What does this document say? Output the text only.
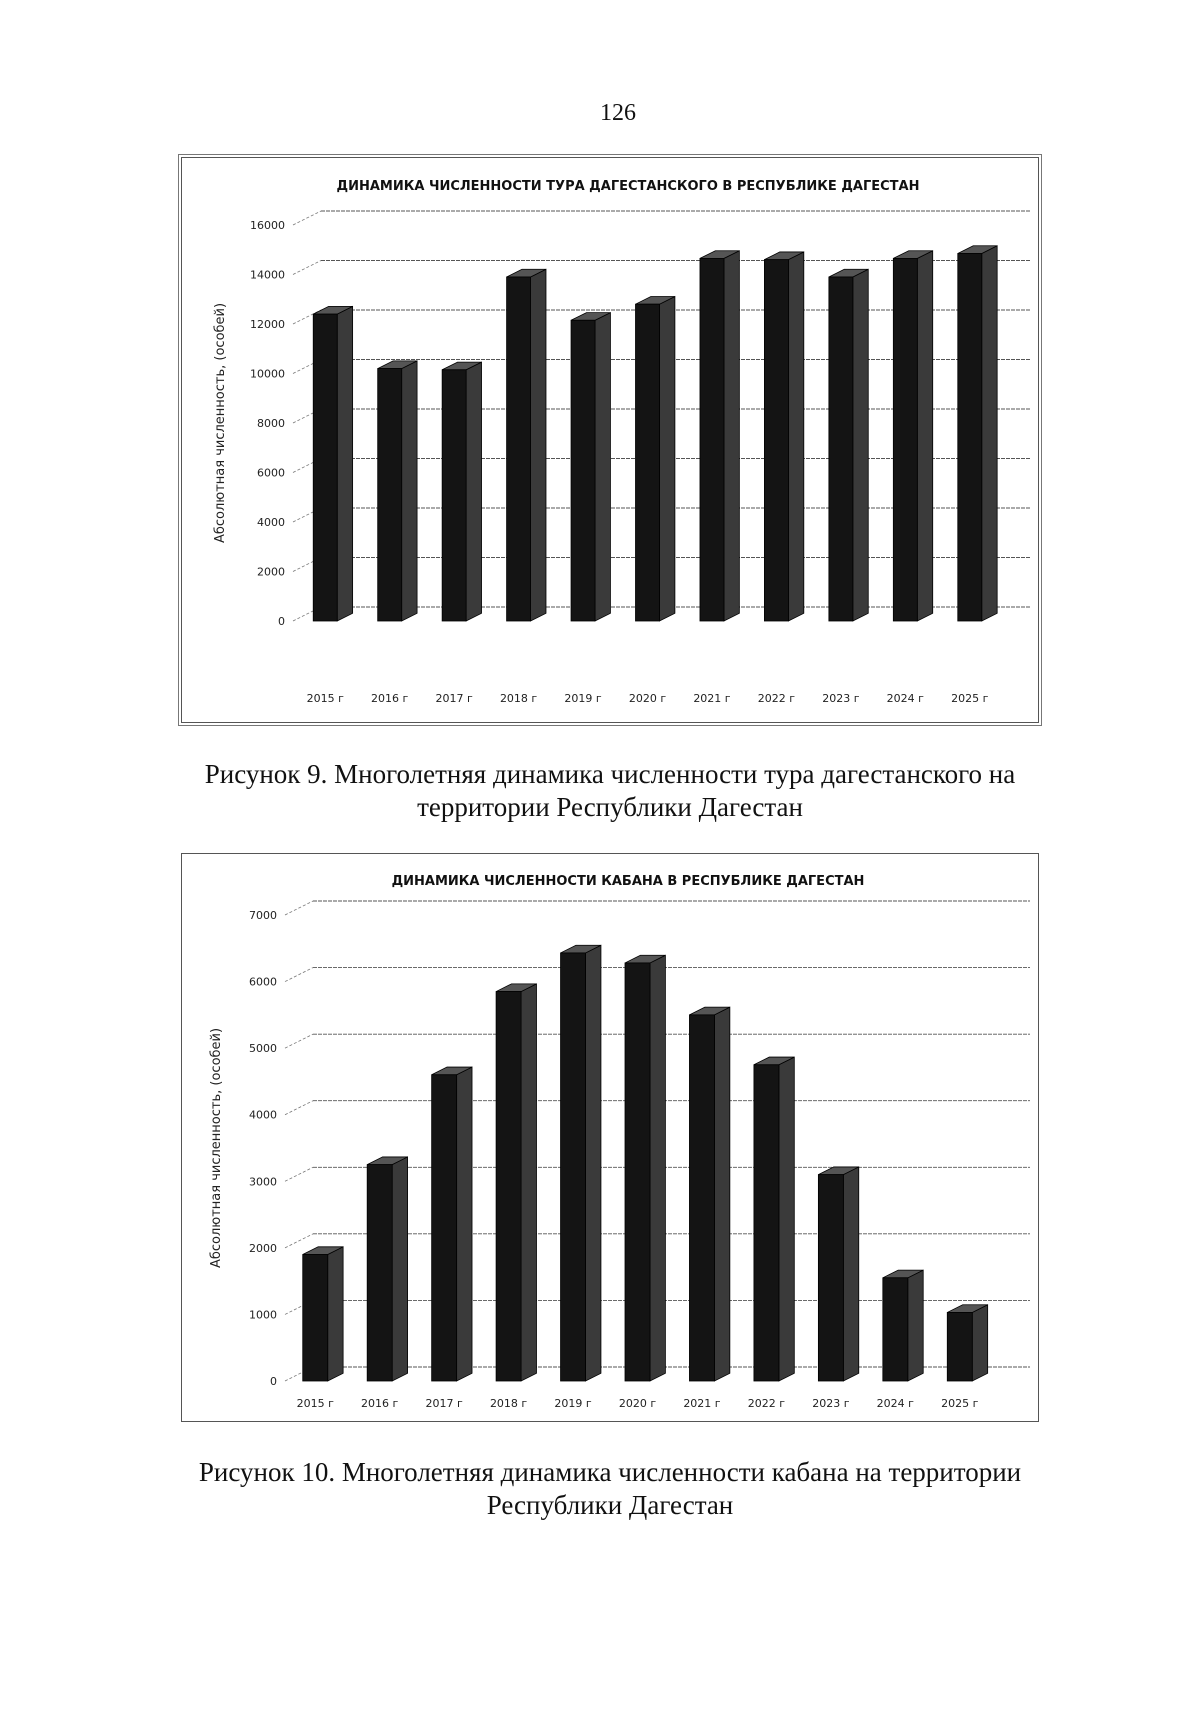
126
ДИНАМИКА ЧИСЛЕННОСТИ ТУРА ДАГЕСТАНСКОГО В РЕСПУБЛИКЕ ДАГЕСТАН
Абсолютная численность, (особей)
0
2000
4000
6000
8000
10000
12000
14000
16000
2015 г 2016 г 2017 г 2018 г 2019 г 2020 г 2021 г 2022 г 2023 г 2024 г 2025 г
Рисунок 9. Многолетняя динамика численности тура дагестанского на территории Республики Дагестан
ДИНАМИКА ЧИСЛЕННОСТИ КАБАНА В РЕСПУБЛИКЕ ДАГЕСТАН
Абсолютная численность, (особей)
0
1000
2000
3000
4000
5000
6000
7000
2015 г 2016 г 2017 г 2018 г 2019 г 2020 г 2021 г 2022 г 2023 г 2024 г 2025 г
Рисунок 10. Многолетняя динамика численности кабана на территории Республики Дагестан
